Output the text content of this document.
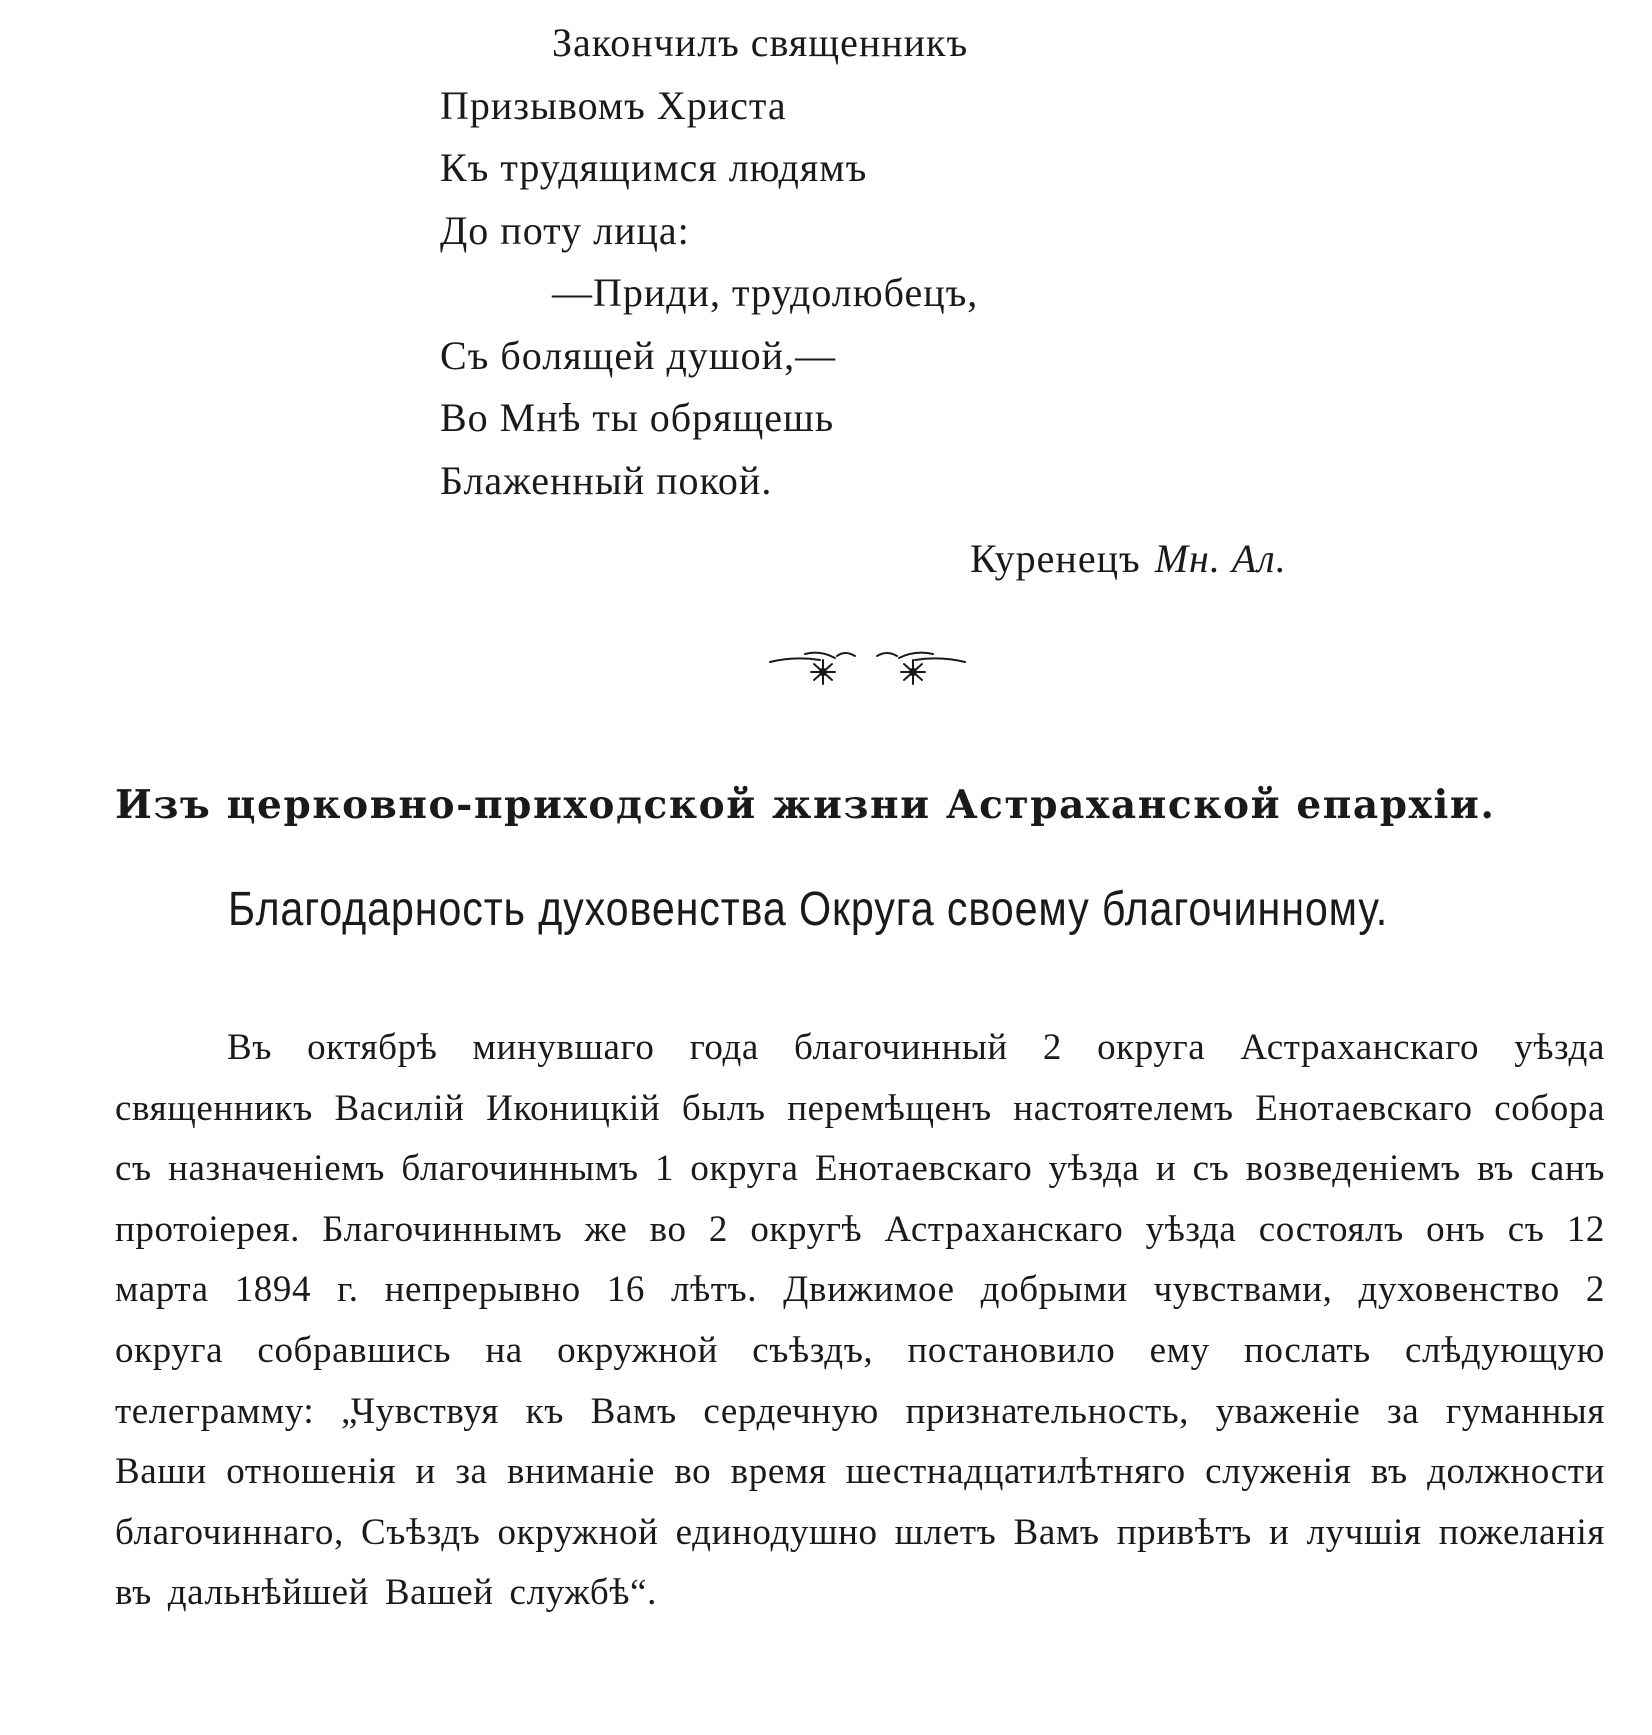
Закончилъ священникъ
Призывомъ Христа
Къ трудящимся людямъ
До поту лица:
—Приди, трудолюбецъ,
Съ болящей душой,—
Во Мнѣ ты обрящешь
Блаженный покой.
Куренецъ Мн. Ал.
Изъ церковно-приходской жизни Астраханской епархіи.
Благодарность духовенства Округа своему благочинному.
Въ октябрѣ минувшаго года благочинный 2 округа Астраханскаго уѣзда священникъ Василій Иконицкій былъ перемѣщенъ настоятелемъ Енотаевскаго собора съ назначеніемъ благочиннымъ 1 округа Енотаевскаго уѣзда и съ возведеніемъ въ санъ протоіерея. Благочиннымъ же во 2 округѣ Астраханскаго уѣзда состоялъ онъ съ 12 марта 1894 г. непрерывно 16 лѣтъ. Движимое добрыми чувствами, духовенство 2 округа собравшись на окружной съѣздъ, постановило ему послать слѣдующую телеграмму: „Чувствуя къ Вамъ сердечную признательность, уваженіе за гуманныя Ваши отношенія и за вниманіе во время шестнадцатилѣтняго служенія въ должности благочиннаго, Съѣздъ окружной единодушно шлетъ Вамъ привѣтъ и лучшія пожеланія въ дальнѣйшей Вашей службѣ“.
